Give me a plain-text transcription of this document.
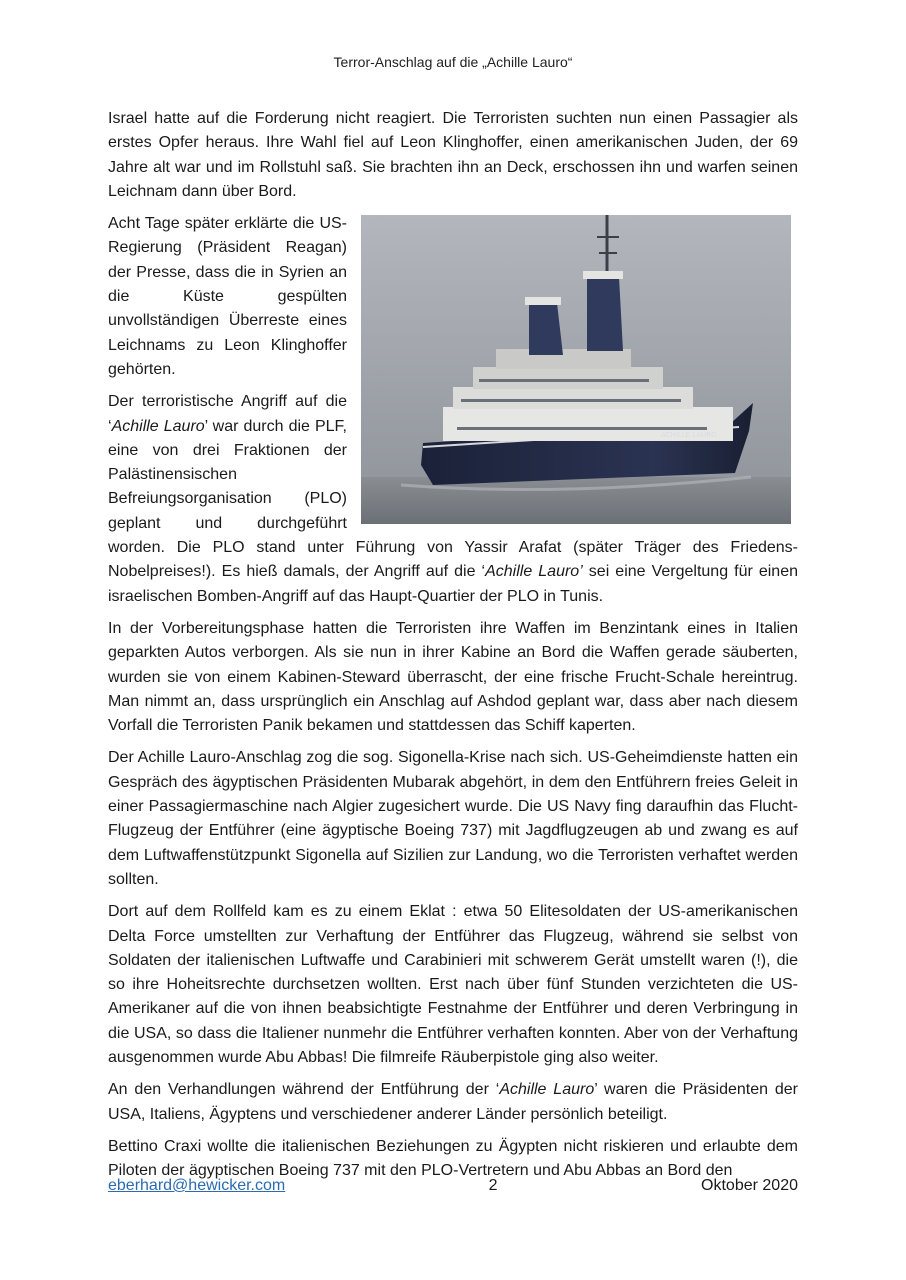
Terror-Anschlag auf die „Achille Lauro“

Israel hatte auf die Forderung nicht reagiert. Die Terroristen suchten nun einen Passagier als erstes Opfer heraus. Ihre Wahl fiel auf Leon Klinghoffer, einen amerikanischen Juden, der 69 Jahre alt war und im Rollstuhl saß. Sie brachten ihn an Deck, erschossen ihn und warfen seinen Leichnam dann über Bord.

ACHILLE LAURO

Acht Tage später erklärte die US-Regierung (Präsident Reagan) der Presse, dass die in Syrien an die Küste gespülten unvollständigen Überreste eines Leichnams zu Leon Klinghoffer gehörten.

Der terroristische Angriff auf die ‘Achille Lauro’ war durch die PLF, eine von drei Fraktionen der Palästinensischen Befreiungsorganisation (PLO) geplant und durchgeführt worden. Die PLO stand unter Führung von Yassir Arafat (später Träger des Friedens-Nobelpreises!). Es hieß damals, der Angriff auf die ‘Achille Lauro’ sei eine Vergeltung für einen israelischen Bomben-Angriff auf das Haupt-Quartier der PLO in Tunis.

In der Vorbereitungsphase hatten die Terroristen ihre Waffen im Benzintank eines in Italien geparkten Autos verborgen. Als sie nun in ihrer Kabine an Bord die Waffen gerade säuberten, wurden sie von einem Kabinen-Steward überrascht, der eine frische Frucht-Schale hereintrug. Man nimmt an, dass ursprünglich ein Anschlag auf Ashdod geplant war, dass aber nach diesem Vorfall die Terroristen Panik bekamen und stattdessen das Schiff kaperten.

Der Achille Lauro-Anschlag zog die sog. Sigonella-Krise nach sich. US-Geheimdienste hatten ein Gespräch des ägyptischen Präsidenten Mubarak abgehört, in dem den Entführern freies Geleit in einer Passagiermaschine nach Algier zugesichert wurde. Die US Navy fing daraufhin das Flucht-Flugzeug der Entführer (eine ägyptische Boeing 737) mit Jagdflugzeugen ab und zwang es auf dem Luftwaffenstützpunkt Sigonella auf Sizilien zur Landung, wo die Terroristen verhaftet werden sollten.

Dort auf dem Rollfeld kam es zu einem Eklat : etwa 50 Elitesoldaten der US-amerikanischen Delta Force umstellten zur Verhaftung der Entführer das Flugzeug, während sie selbst von Soldaten der italienischen Luftwaffe und Carabinieri mit schwerem Gerät umstellt waren (!), die so ihre Hoheitsrechte durchsetzen wollten. Erst nach über fünf Stunden verzichteten die US-Amerikaner auf die von ihnen beabsichtigte Festnahme der Entführer und deren Verbringung in die USA, so dass die Italiener nunmehr die Entführer verhaften konnten. Aber von der Verhaftung ausgenommen wurde Abu Abbas! Die filmreife Räuberpistole ging also weiter.

An den Verhandlungen während der Entführung der ‘Achille Lauro’ waren die Präsidenten der USA, Italiens, Ägyptens und verschiedener anderer Länder persönlich beteiligt.

Bettino Craxi wollte die italienischen Beziehungen zu Ägypten nicht riskieren und erlaubte dem Piloten der ägyptischen Boeing 737 mit den PLO-Vertretern und Abu Abbas an Bord den

eberhard@hewicker.com	2	Oktober 2020
